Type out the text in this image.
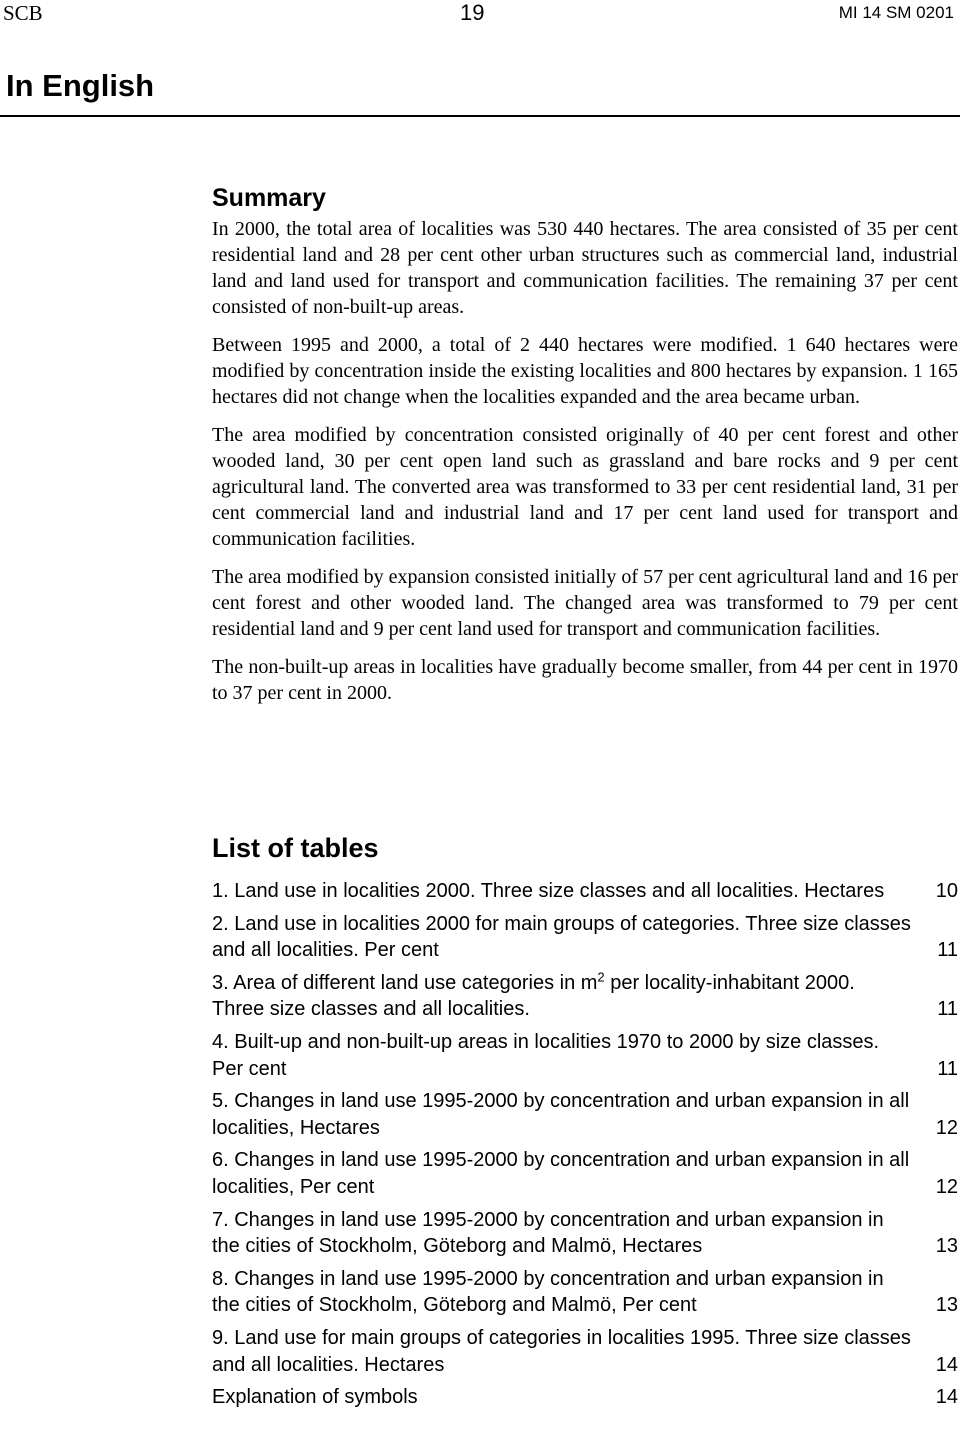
SCB	19	MI 14 SM 0201
In English
Summary

In 2000, the total area of localities was 530 440 hectares. The area consisted of 35 per cent residential land and 28 per cent other urban structures such as commercial land, industrial land and land used for transport and communication facilities. The remaining 37 per cent consisted of non-built-up areas.

Between 1995 and 2000, a total of 2 440 hectares were modified. 1 640 hectares were modified by concentration inside the existing localities and 800 hectares by expansion. 1 165 hectares did not change when the localities expanded and the area became urban.

The area modified by concentration consisted originally of 40 per cent forest and other wooded land, 30 per cent open land such as grassland and bare rocks and 9 per cent agricultural land. The converted area was transformed to 33 per cent residential land, 31 per cent commercial land and industrial land and 17 per cent land used for transport and communication facilities.

The area modified by expansion consisted initially of 57 per cent agricultural land and 16 per cent forest and other wooded land. The changed area was transformed to 79 per cent residential land and 9 per cent land used for transport and communication facilities.

The non-built-up areas in localities have gradually become smaller, from 44 per cent in 1970 to 37 per cent in 2000.

List of tables
1. Land use in localities 2000. Three size classes and all localities. Hectares	10
2. Land use in localities 2000 for main groups of categories. Three size classes and all localities. Per cent	11
3. Area of different land use categories in $m^2$ per locality-inhabitant 2000. Three size classes and all localities.	11
4. Built-up and non-built-up areas in localities 1970 to 2000 by size classes. Per cent	11
5. Changes in land use 1995-2000 by concentration and urban expansion in all localities, Hectares	12
6. Changes in land use 1995-2000 by concentration and urban expansion in all localities, Per cent	12
7. Changes in land use 1995-2000 by concentration and urban expansion in the cities of Stockholm, Göteborg and Malmö, Hectares	13
8. Changes in land use 1995-2000 by concentration and urban expansion in the cities of Stockholm, Göteborg and Malmö, Per cent	13
9. Land use for main groups of categories in localities 1995. Three size classes and all localities. Hectares	14
Explanation of symbols	14
